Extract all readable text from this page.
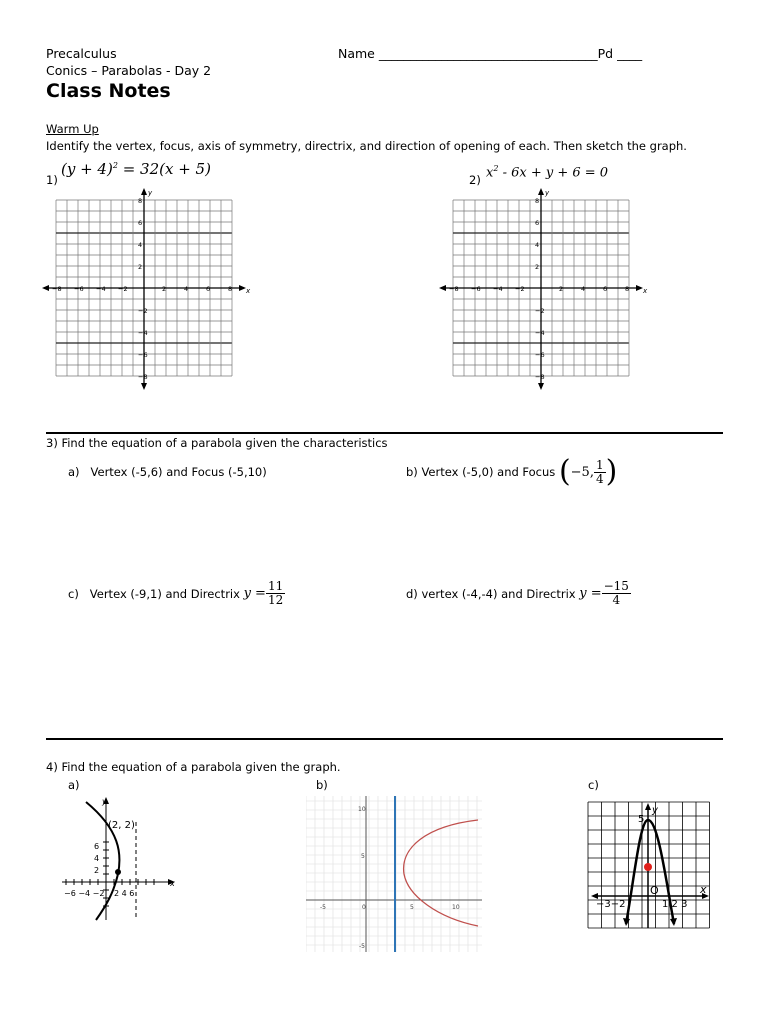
Precalculus
Conics – Parabolas - Day 2
Class Notes
Name ___________________________________Pd ____
Warm Up
Identify the vertex, focus, axis of symmetry, directrix, and direction of opening of each. Then sketch the graph.
1)
$(y + 4)^2 = 32(x + 5)$
2) $x^2 - 6x + y + 6 = 0$
−8 −6 −4 −2	2	4	6	8
8
6
4
2
−2
−4
−6
−8
x
y
−8 −6 −4 −2	2	4	6	8
8
6
4
2
−2
−4
−6
−8
x
y
3) Find the equation of a parabola given the characteristics
a) Vertex (-5,6) and Focus (-5,10)	b)
Vertex (-5,0) and Focus
( −5, $\frac{1}{4}$ )
c)
Vertex (-9,1) and Directrix
$y = \frac{11}{12}$	d)
vertex (-4,-4) and Directrix
$y = \frac{-15}{4}$
4) Find the equation of a parabola given the graph.
a)	b)	c)
y
x
(2, 2)
6
4
2
−6 −4 −2 2 4 6
10
5
-5
-5	0	5	10
y
x
O
5
−3−2	1 2 3
